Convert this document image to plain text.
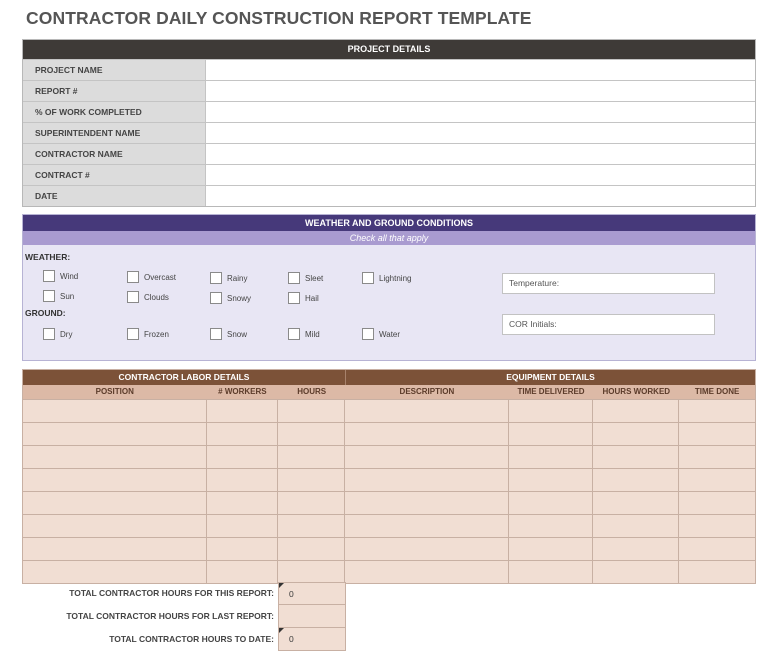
CONTRACTOR DAILY CONSTRUCTION REPORT TEMPLATE
PROJECT DETAILS
PROJECT NAME
REPORT #
% OF WORK COMPLETED
SUPERINTENDENT NAME
CONTRACTOR NAME
CONTRACT #
DATE
WEATHER AND GROUND CONDITIONS
Check all that apply
WEATHER:
Wind	Overcast	Rainy	Sleet	Lightning
Sun	Clouds	Snowy	Hail
GROUND:
Dry	Frozen	Snow	Mild	Water
Temperature:
COR Initials:
CONTRACTOR LABOR DETAILS	EQUIPMENT DETAILS
POSITION	# WORKERS	HOURS	DESCRIPTION	TIME DELIVERED	HOURS WORKED	TIME DONE
TOTAL CONTRACTOR HOURS FOR THIS REPORT:	0
TOTAL CONTRACTOR HOURS FOR LAST REPORT:
TOTAL CONTRACTOR HOURS TO DATE:	0
